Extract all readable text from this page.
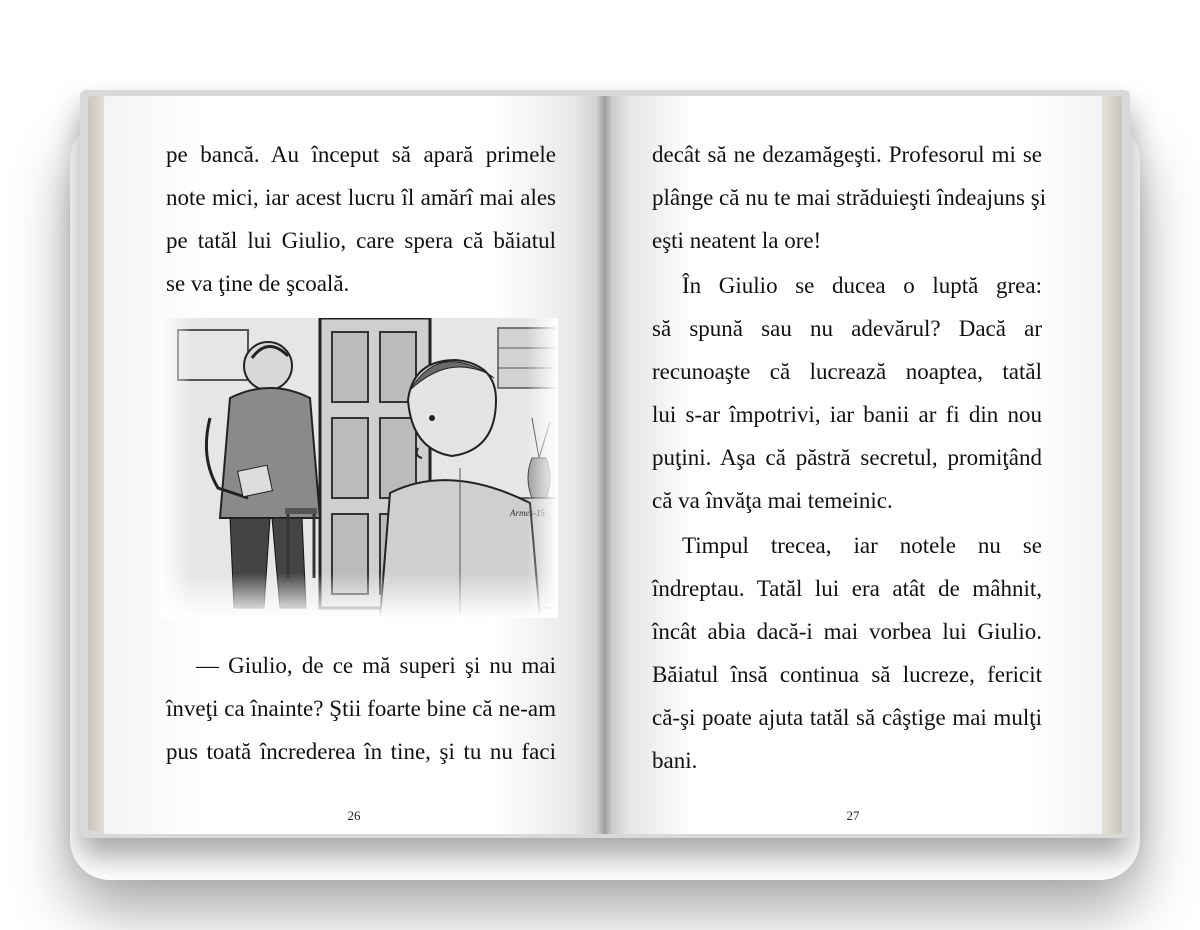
pe bancă. Au început să apară primele
note mici, iar acest lucru îl amărî mai ales
pe tatăl lui Giulio, care spera că băiatul
se va ţine de şcoală.
— Giulio, de ce mă superi şi nu mai
înveţi ca înainte? Ştii foarte bine că ne-am
pus toată încrederea în tine, şi tu nu faci
26
decât să ne dezamăgeşti. Profesorul mi se
plânge că nu te mai străduieşti îndeajuns şi
eşti neatent la ore!
În Giulio se ducea o luptă grea:
să spună sau nu adevărul? Dacă ar
recunoaşte că lucrează noaptea, tatăl
lui s-ar împotrivi, iar banii ar fi din nou
puţini. Aşa că păstră secretul, promiţând
că va învăţa mai temeinic.
Timpul trecea, iar notele nu se
îndreptau. Tatăl lui era atât de mâhnit,
încât abia dacă-i mai vorbea lui Giulio.
Băiatul însă continua să lucreze, fericit
că-şi poate ajuta tatăl să câştige mai mulţi
bani.
27
